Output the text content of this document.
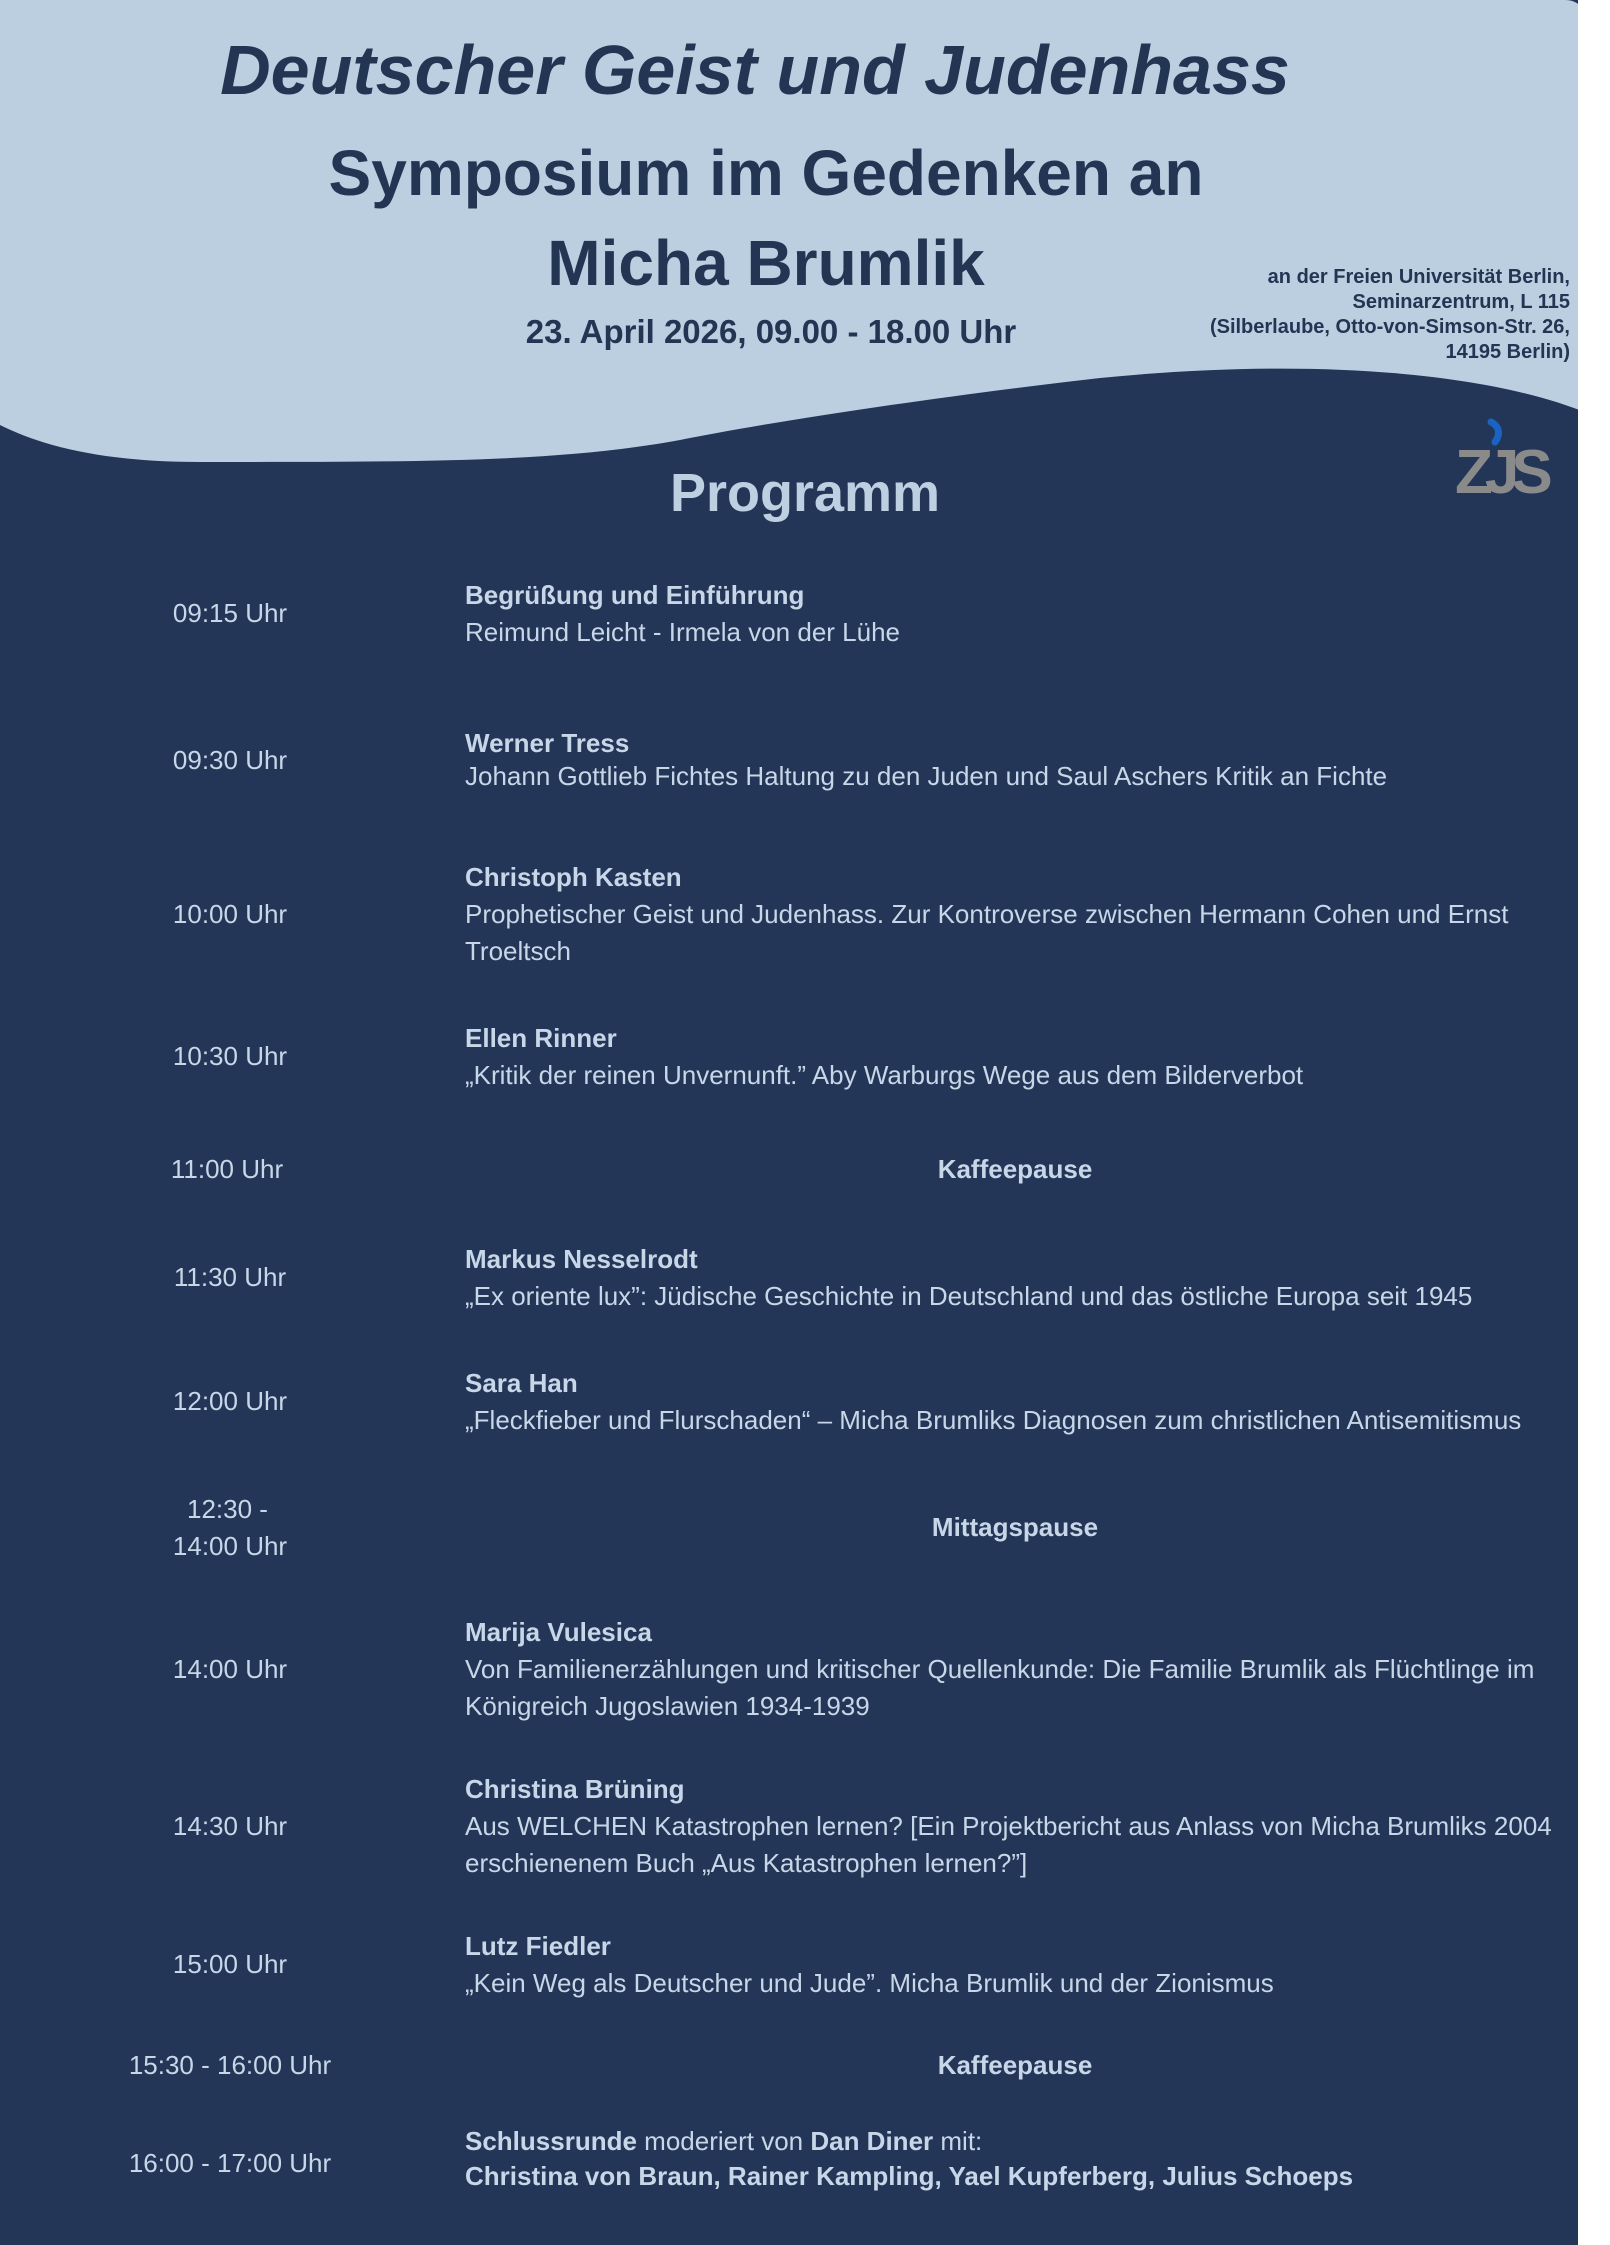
Deutscher Geist und Judenhass
Symposium im Gedenken an
Micha Brumlik
23. April 2026, 09.00 - 18.00 Uhr
an der Freien Universität Berlin,
Seminarzentrum, L 115
(Silberlaube, Otto-von-Simson-Str. 26,
14195 Berlin)
ZJS
Programm
09:15 Uhr
Begrüßung und Einführung
Reimund Leicht - Irmela von der Lühe
09:30 Uhr
Werner Tress
Johann Gottlieb Fichtes Haltung zu den Juden und Saul Aschers Kritik an Fichte
10:00 Uhr
Christoph Kasten
Prophetischer Geist und Judenhass. Zur Kontroverse zwischen Hermann Cohen und Ernst Troeltsch
10:30 Uhr
Ellen Rinner
„Kritik der reinen Unvernunft.” Aby Warburgs Wege aus dem Bilderverbot
11:00 Uhr	Kaffeepause
11:30 Uhr
Markus Nesselrodt
„Ex oriente lux”: Jüdische Geschichte in Deutschland und das östliche Europa seit 1945
12:00 Uhr
Sara Han
„Fleckfieber und Flurschaden“ – Micha Brumliks Diagnosen zum christlichen Antisemitismus
12:30 -
14:00 Uhr
Mittagspause
14:00 Uhr
Marija Vulesica
Von Familienerzählungen und kritischer Quellenkunde: Die Familie Brumlik als Flüchtlinge im Königreich Jugoslawien 1934-1939
14:30 Uhr
Christina Brüning
Aus WELCHEN Katastrophen lernen? [Ein Projektbericht aus Anlass von Micha Brumliks 2004 erschienenem Buch „Aus Katastrophen lernen?”]
15:00 Uhr
Lutz Fiedler
„Kein Weg als Deutscher und Jude”. Micha Brumlik und der Zionismus
15:30 - 16:00 Uhr	Kaffeepause
16:00 - 17:00 Uhr
Schlussrunde moderiert von Dan Diner mit:
Christina von Braun, Rainer Kampling, Yael Kupferberg, Julius Schoeps
